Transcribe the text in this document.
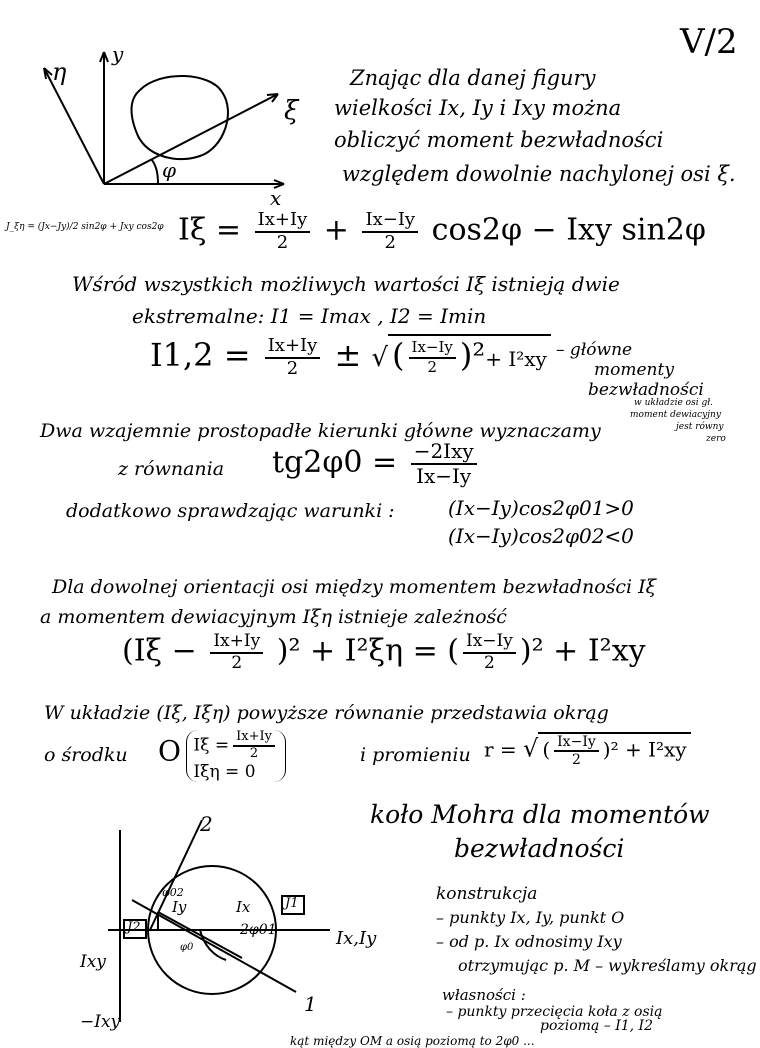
V/2
η
y
ξ
x
φ
J_ξη = (Jx−Jy)/2 sin2φ + Jxy cos2φ
Znając dla danej figury
wielkości Ix, Iy i Ixy można
obliczyć moment bezwładności
względem dowolnie nachylonej osi ξ.
$I\xi = \frac{Ix+Iy}{2} + \frac{Ix-Iy}{2} \cos 2\varphi$ − Ixy sin2φ
Wśród wszystkich możliwych wartości Iξ istnieją dwie
ekstremalne: I1 = Imax , I2 = Imin
$I1,2 = \frac{Ix+Iy}{2}$ ± √ ( $\frac{Ix-Iy}{2} )^2+ I^2xy$ – główne
momenty
bezwładności
w układzie osi gł.
moment dewiacyjny
jest równy
zero
Dwa wzajemnie prostopadłe kierunki główne wyznaczamy
z równania $tg2\varphi 0 = \frac{\text{−2Ixy}}{Ix-Iy}$
dodatkowo sprawdzając warunki :	(Ix−Iy)cos2φ01>0
(Ix−Iy)cos2φ02<0
Dla dowolnej orientacji osi między momentem bezwładności Iξ
a momentem dewiacyjnym Iξη istnieje zależność
$(I\xi - \frac{Ix+Iy}{2} )^2 + I^2\xi\eta$ = ( $\frac{Ix-Iy}{2} )^2 + I^2xy$
W układzie (Iξ, Iξη) powyższe równanie przedstawia okrąg
o środku O $I\xi = \frac{Ix+Iy}{2}$
Iξη = 0
i promieniu r = √ ( $\frac{Ix-Iy}{2} )^2 + I^2xy$
koło Mohra dla momentów
bezwładności
2
1
φ02
Iy	Ix
2φ01
J1
J2
Ix,Iy
Ixy
−Ixy
φ0
konstrukcja
– punkty Ix, Iy, punkt O
– od p. Ix odnosimy Ixy
otrzymując p. M – wykreślamy okrąg
własności :
– punkty przecięcia koła z osią
poziomą – I1, I2
kąt między OM a osią poziomą to 2φ0 ...
